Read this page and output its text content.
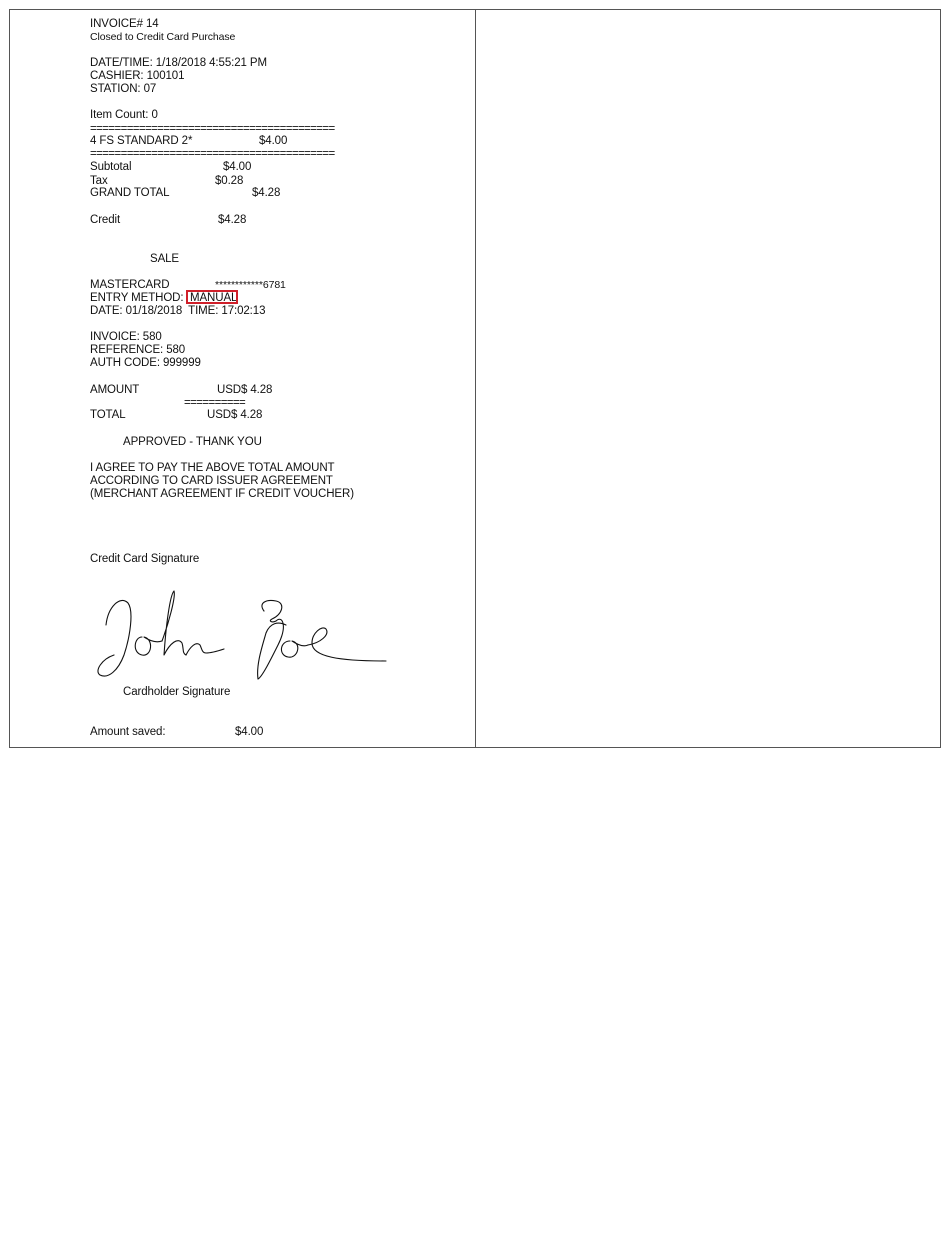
INVOICE# 14
Closed to Credit Card Purchase
DATE/TIME: 1/18/2018 4:55:21 PM
CASHIER: 100101
STATION: 07
Item Count: 0
========================================
4 FS STANDARD 2*	$4.00
========================================
Subtotal	$4.00
Tax	$0.28
GRAND TOTAL	$4.28
Credit	$4.28
SALE
MASTERCARD	************6781
ENTRY METHOD: MANUAL
DATE: 01/18/2018  TIME: 17:02:13
INVOICE: 580
REFERENCE: 580
AUTH CODE: 999999
AMOUNT	USD$ 4.28
==========
TOTAL	USD$ 4.28
APPROVED - THANK YOU
I AGREE TO PAY THE ABOVE TOTAL AMOUNT
ACCORDING TO CARD ISSUER AGREEMENT
(MERCHANT AGREEMENT IF CREDIT VOUCHER)
Credit Card Signature
Cardholder Signature
Amount saved:	$4.00
